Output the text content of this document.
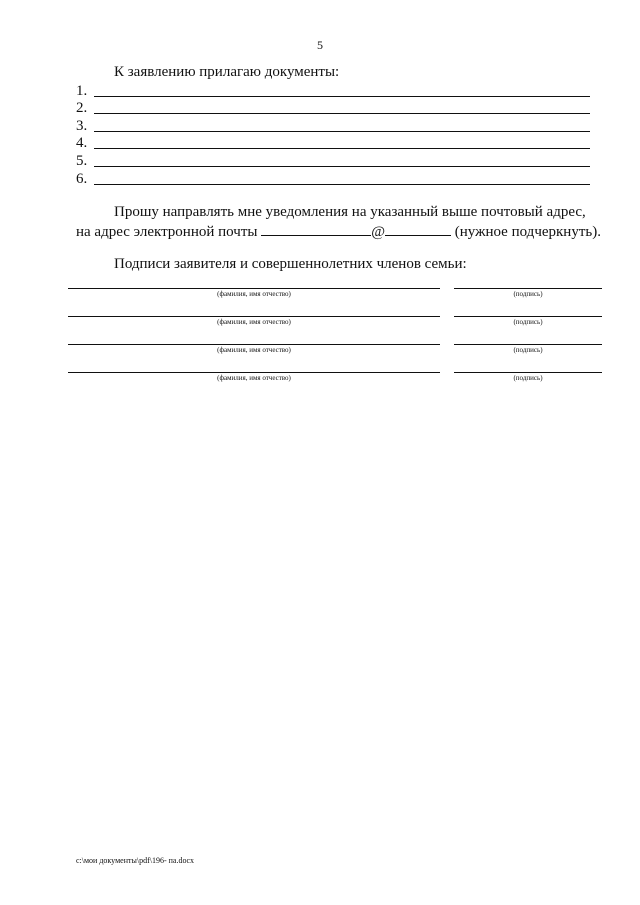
5
К заявлению прилагаю документы:
1.
2.
3.
4.
5.
6.
Прошу направлять мне уведомления на указанный выше почтовый адрес,
на адрес электронной почты	@	(нужное подчеркнуть).
Подписи заявителя и совершеннолетних членов семьи:
(фамилия, имя отчество)	(подпись)
(фамилия, имя отчество)	(подпись)
(фамилия, имя отчество)	(подпись)
(фамилия, имя отчество)	(подпись)
c:\мои документы\pdf\196- па.docx
